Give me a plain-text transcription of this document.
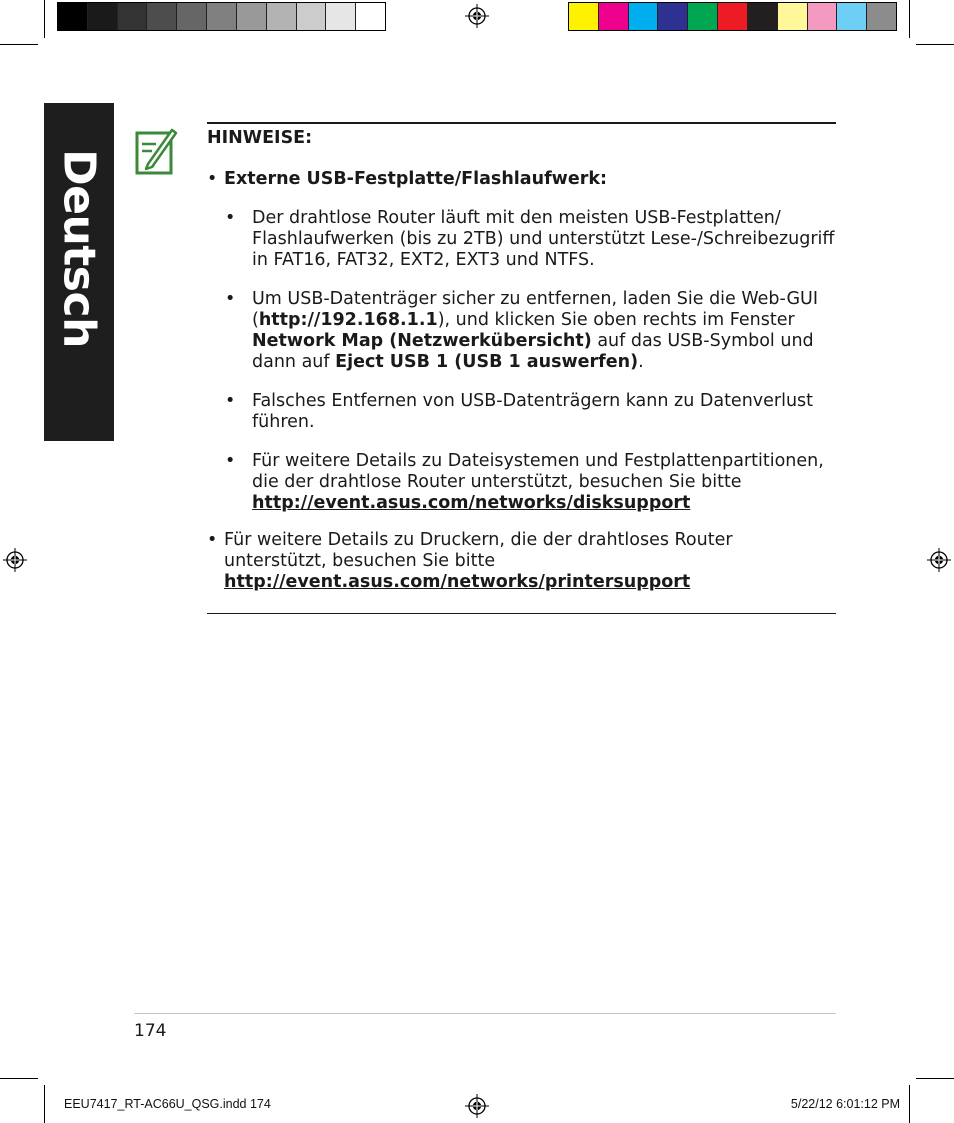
Deutsch

HINWEISE:

• Externe USB-Festplatte/Flashlaufwerk:
• Der drahtlose Router läuft mit den meisten USB-Festplatten/ Flashlaufwerken (bis zu 2TB) und unterstützt Lese-/Schreibezugriff in FAT16, FAT32, EXT2, EXT3 und NTFS.
• Um USB-Datenträger sicher zu entfernen, laden Sie die Web-GUI (http://192.168.1.1), und klicken Sie oben rechts im Fenster Network Map (Netzwerkübersicht) auf das USB-Symbol und dann auf Eject USB 1 (USB 1 auswerfen).
• Falsches Entfernen von USB-Datenträgern kann zu Datenverlust führen.
• Für weitere Details zu Dateisystemen und Festplattenpartitionen, die der drahtlose Router unterstützt, besuchen Sie bitte
http://event.asus.com/networks/disksupport
• Für weitere Details zu Druckern, die der drahtloses Router unterstützt, besuchen Sie bitte
http://event.asus.com/networks/printersupport
174
EEU7417_RT-AC66U_QSG.indd 174	5/22/12 6:01:12 PM
